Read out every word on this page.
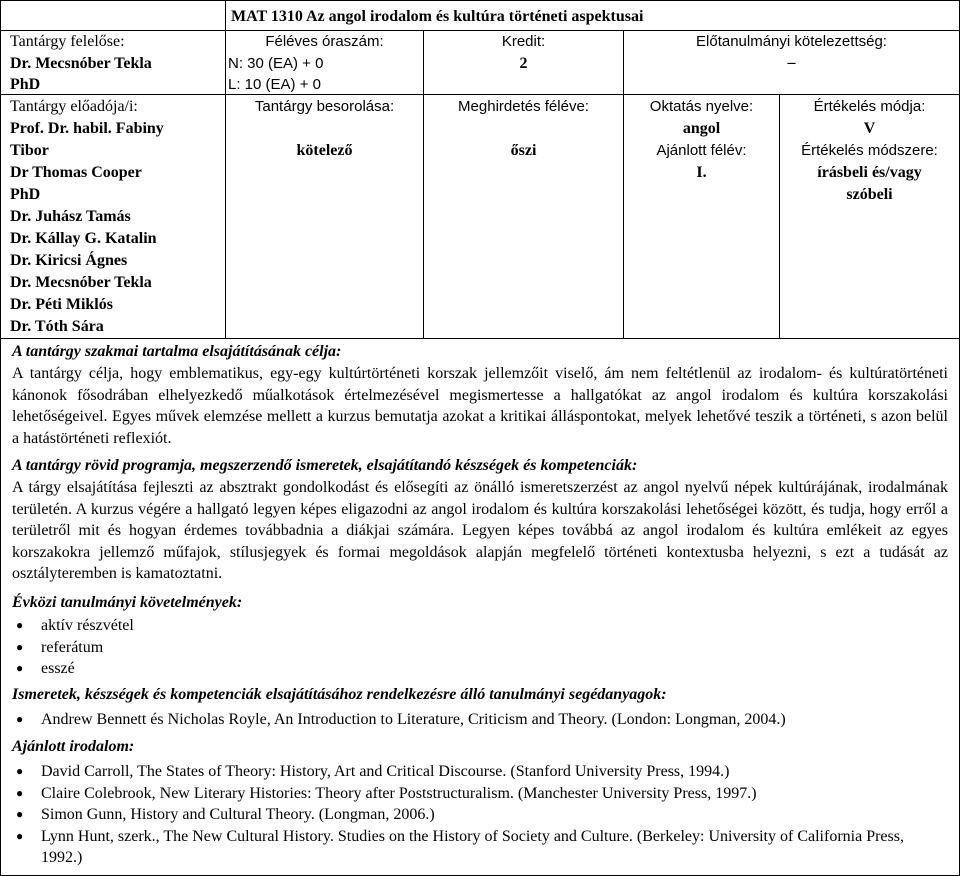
MAT 1310 Az angol irodalom és kultúra történeti aspektusai
Tantárgy felelőse:
Dr. Mecsnóber Tekla
PhD
Féléves óraszám:
N: 30 (EA) + 0
L: 10 (EA) + 0
Kredit:
2
Előtanulmányi kötelezettség:
–
Tantárgy előadója/i:
Prof. Dr. habil. Fabiny
Tibor
Dr Thomas Cooper
PhD
Dr. Juhász Tamás
Dr. Kállay G. Katalin
Dr. Kiricsi Ágnes
Dr. Mecsnóber Tekla
Dr. Péti Miklós
Dr. Tóth Sára
Tantárgy besorolása:
kötelező
Meghirdetés féléve:
őszi
Oktatás nyelve:
angol
Ajánlott félév:
I.
Értékelés módja:
V
Értékelés módszere:
írásbeli és/vagy
szóbeli
A tantárgy szakmai tartalma elsajátításának célja:
A tantárgy célja, hogy emblematikus, egy-egy kultúrtörténeti korszak jellemzőit viselő, ám nem feltétlenül az irodalom- és kultúratörténeti kánonok fősodrában elhelyezkedő műalkotások értelmezésével megismertesse a hallgatókat az angol irodalom és kultúra korszakolási lehetőségeivel. Egyes művek elemzése mellett a kurzus bemutatja azokat a kritikai álláspontokat, melyek lehetővé teszik a történeti, s azon belül a hatástörténeti reflexiót.
A tantárgy rövid programja, megszerzendő ismeretek, elsajátítandó készségek és kompetenciák:
A tárgy elsajátítása fejleszti az absztrakt gondolkodást és elősegíti az önálló ismeretszerzést az angol nyelvű népek kultúrájának, irodalmának területén. A kurzus végére a hallgató legyen képes eligazodni az angol irodalom és kultúra korszakolási lehetőségei között, és tudja, hogy erről a területről mit és hogyan érdemes továbbadnia a diákjai számára. Legyen képes továbbá az angol irodalom és kultúra emlékeit az egyes korszakokra jellemző műfajok, stílusjegyek és formai megoldások alapján megfelelő történeti kontextusba helyezni, s ezt a tudását az osztályteremben is kamatoztatni.
Évközi tanulmányi követelmények:
● aktív részvétel
● referátum
● esszé
Ismeretek, készségek és kompetenciák elsajátításához rendelkezésre álló tanulmányi segédanyagok:
● Andrew Bennett és Nicholas Royle, An Introduction to Literature, Criticism and Theory. (London: Longman, 2004.)
Ajánlott irodalom:
● David Carroll, The States of Theory: History, Art and Critical Discourse. (Stanford University Press, 1994.)
● Claire Colebrook, New Literary Histories: Theory after Poststructuralism. (Manchester University Press, 1997.)
● Simon Gunn, History and Cultural Theory. (Longman, 2006.)
● Lynn Hunt, szerk., The New Cultural History. Studies on the History of Society and Culture. (Berkeley: University of California Press, 1992.)
